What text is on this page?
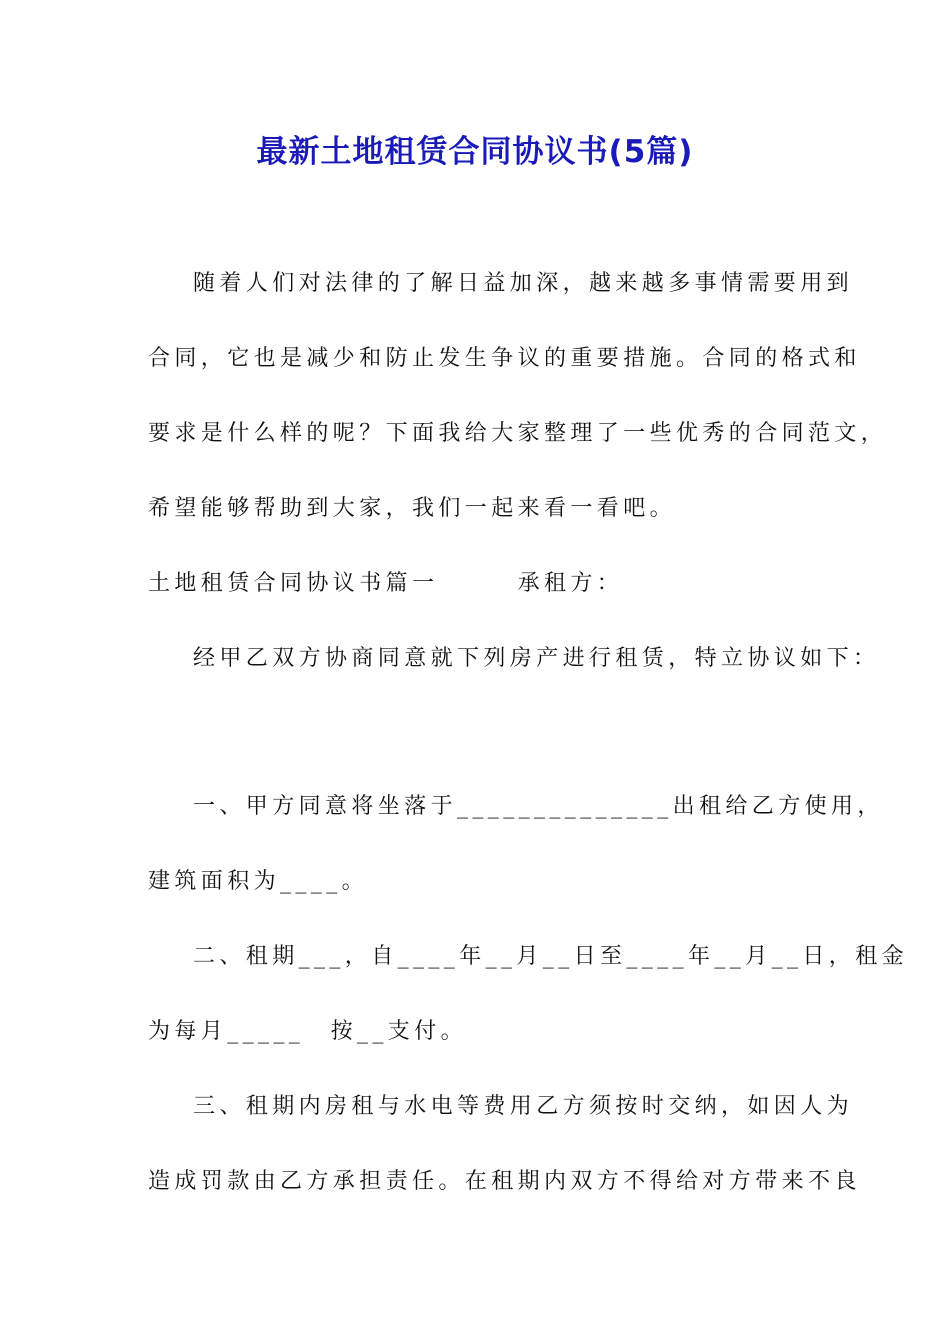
最新土地租赁合同协议书(5篇)

随着人们对法律的了解日益加深，越来越多事情需要用到

合同，它也是减少和防止发生争议的重要措施。合同的格式和

要求是什么样的呢？下面我给大家整理了一些优秀的合同范文，

希望能够帮助到大家，我们一起来看一看吧。

土地租赁合同协议书篇一　　　承租方：

经甲乙双方协商同意就下列房产进行租赁，特立协议如下：

一、甲方同意将坐落于______________出租给乙方使用，

建筑面积为____。

二、租期___，自____年__月__日至____年__月__日，租金

为每月_____　按__支付。

三、租期内房租与水电等费用乙方须按时交纳，如因人为

造成罚款由乙方承担责任。在租期内双方不得给对方带来不良
